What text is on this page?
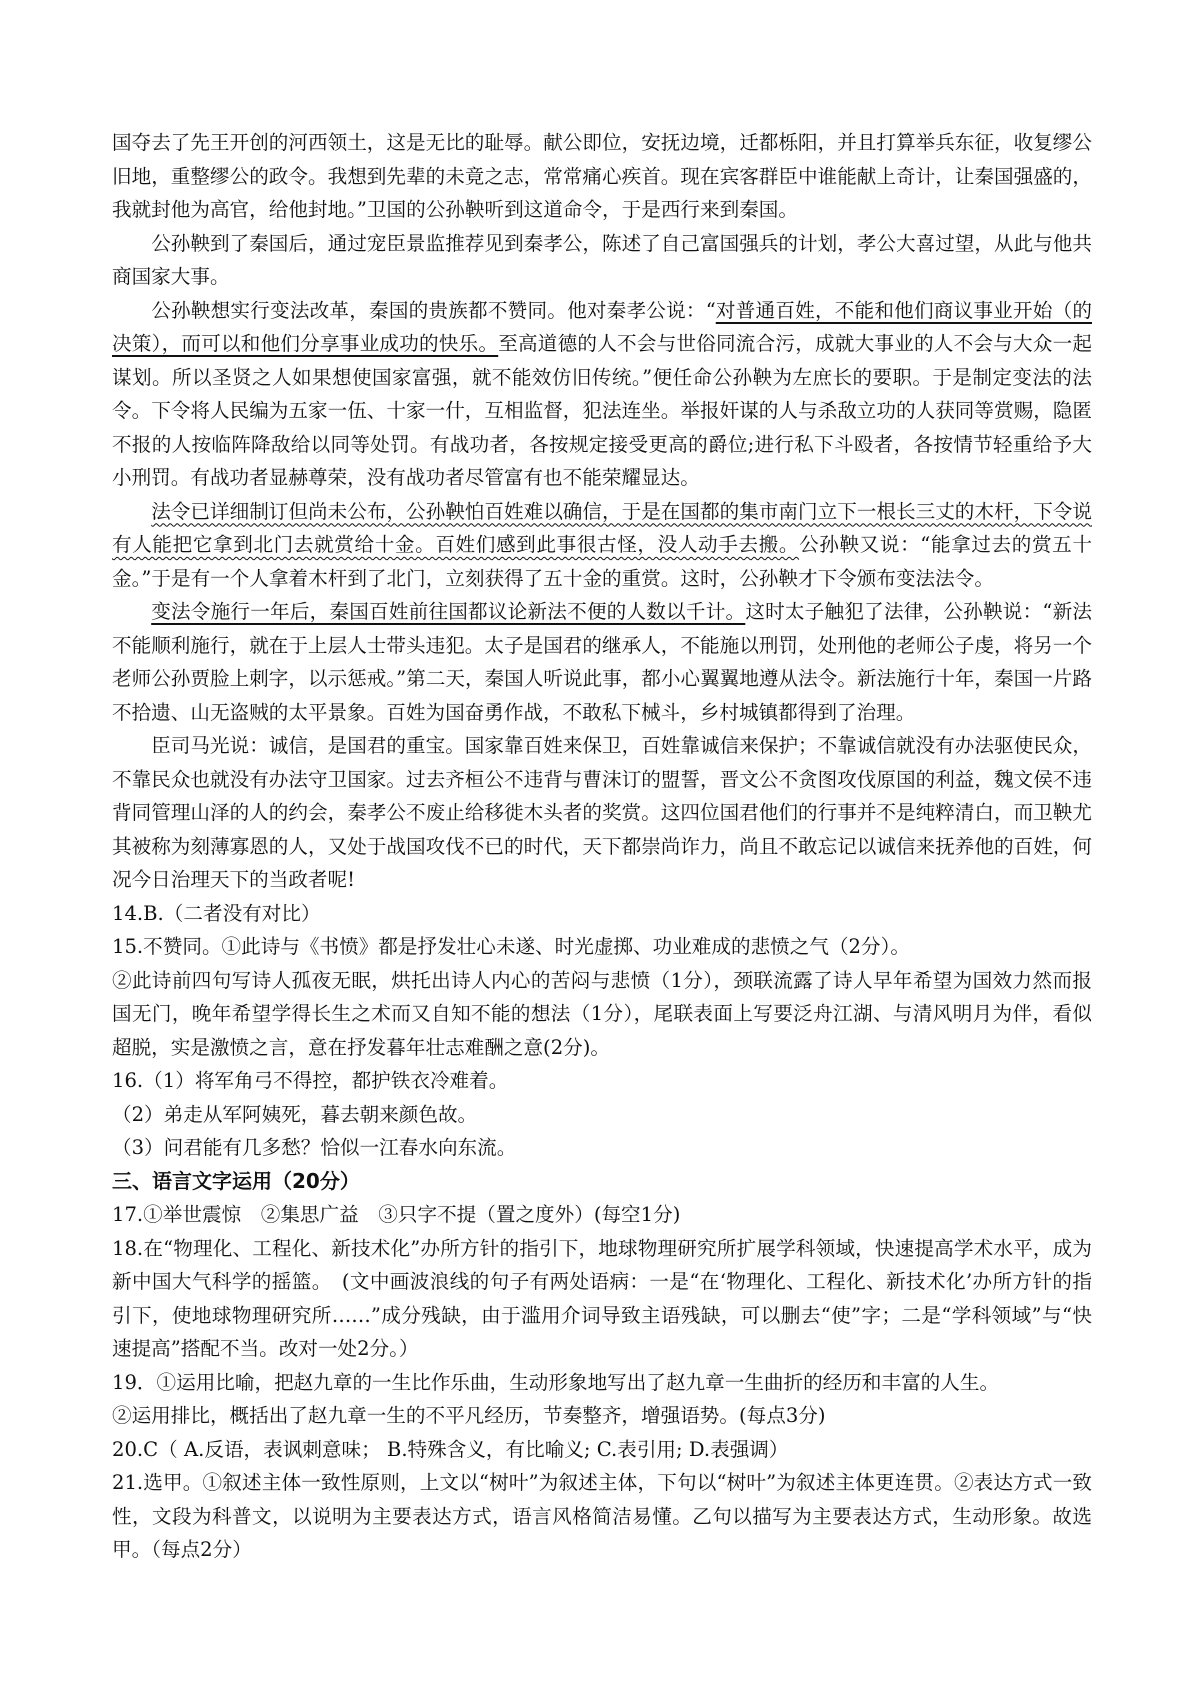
国夺去了先王开创的河西领土，这是无比的耻辱。献公即位，安抚边境，迁都栎阳，并且打算举兵东征，收复缪公旧地，重整缪公的政令。我想到先辈的未竟之志，常常痛心疾首。现在宾客群臣中谁能献上奇计，让秦国强盛的，我就封他为高官，给他封地。”卫国的公孙鞅听到这道命令，于是西行来到秦国。

公孙鞅到了秦国后，通过宠臣景监推荐见到秦孝公，陈述了自己富国强兵的计划，孝公大喜过望，从此与他共商国家大事。

公孙鞅想实行变法改革，秦国的贵族都不赞同。他对秦孝公说：“对普通百姓，不能和他们商议事业开始（的决策），而可以和他们分享事业成功的快乐。至高道德的人不会与世俗同流合污，成就大事业的人不会与大众一起谋划。所以圣贤之人如果想使国家富强，就不能效仿旧传统。”便任命公孙鞅为左庶长的要职。于是制定变法的法令。下令将人民编为五家一伍、十家一什，互相监督，犯法连坐。举报奸谋的人与杀敌立功的人获同等赏赐，隐匿不报的人按临阵降敌给以同等处罚。有战功者，各按规定接受更高的爵位;进行私下斗殴者，各按情节轻重给予大小刑罚。有战功者显赫尊荣，没有战功者尽管富有也不能荣耀显达。

法令已详细制订但尚未公布，公孙鞅怕百姓难以确信，于是在国都的集市南门立下一根长三丈的木杆，下令说有人能把它拿到北门去就赏给十金。百姓们感到此事很古怪，没人动手去搬。公孙鞅又说：“能拿过去的赏五十金。”于是有一个人拿着木杆到了北门，立刻获得了五十金的重赏。这时，公孙鞅才下令颁布变法法令。

变法令施行一年后，秦国百姓前往国都议论新法不便的人数以千计。这时太子触犯了法律，公孙鞅说：“新法不能顺利施行，就在于上层人士带头违犯。太子是国君的继承人，不能施以刑罚，处刑他的老师公子虔，将另一个老师公孙贾脸上刺字，以示惩戒。”第二天，秦国人听说此事，都小心翼翼地遵从法令。新法施行十年，秦国一片路不拾遗、山无盗贼的太平景象。百姓为国奋勇作战，不敢私下械斗，乡村城镇都得到了治理。

臣司马光说：诚信，是国君的重宝。国家靠百姓来保卫，百姓靠诚信来保护；不靠诚信就没有办法驱使民众，不靠民众也就没有办法守卫国家。过去齐桓公不违背与曹沫订的盟誓，晋文公不贪图攻伐原国的利益，魏文侯不违背同管理山泽的人的约会，秦孝公不废止给移徙木头者的奖赏。这四位国君他们的行事并不是纯粹清白，而卫鞅尤其被称为刻薄寡恩的人，又处于战国攻伐不已的时代，天下都崇尚诈力，尚且不敢忘记以诚信来抚养他的百姓，何况今日治理天下的当政者呢!

14.B.（二者没有对比）

15.不赞同。①此诗与《书愤》都是抒发壮心未遂、时光虚掷、功业难成的悲愤之气（2分）。

②此诗前四句写诗人孤夜无眠，烘托出诗人内心的苦闷与悲愤（1分），颈联流露了诗人早年希望为国效力然而报国无门，晚年希望学得长生之术而又自知不能的想法（1分），尾联表面上写要泛舟江湖、与清风明月为伴，看似超脱，实是激愤之言，意在抒发暮年壮志难酬之意(2分)。

16.（1）将军角弓不得控，都护铁衣冷难着。

（2）弟走从军阿姨死，暮去朝来颜色故。

（3）问君能有几多愁？恰似一江春水向东流。

三、语言文字运用（20分）

17.①举世震惊　②集思广益　③只字不提（置之度外）(每空1分)

18.在“物理化、工程化、新技术化”办所方针的指引下，地球物理研究所扩展学科领域，快速提高学术水平，成为新中国大气科学的摇篮。　(文中画波浪线的句子有两处语病：一是“在‘物理化、工程化、新技术化’办所方针的指引下，使地球物理研究所……”成分残缺，由于滥用介词导致主语残缺，可以删去“使”字；二是“学科领域”与“快速提高”搭配不当。改对一处2分。）

19．①运用比喻，把赵九章的一生比作乐曲，生动形象地写出了赵九章一生曲折的经历和丰富的人生。

②运用排比，概括出了赵九章一生的不平凡经历，节奏整齐，增强语势。(每点3分)

20.C（ A.反语，表讽刺意味； B.特殊含义，有比喻义; C.表引用; D.表强调）

21.选甲。①叙述主体一致性原则，上文以“树叶”为叙述主体，下句以“树叶”为叙述主体更连贯。②表达方式一致性，文段为科普文，以说明为主要表达方式，语言风格简洁易懂。乙句以描写为主要表达方式，生动形象。故选甲。（每点2分）
